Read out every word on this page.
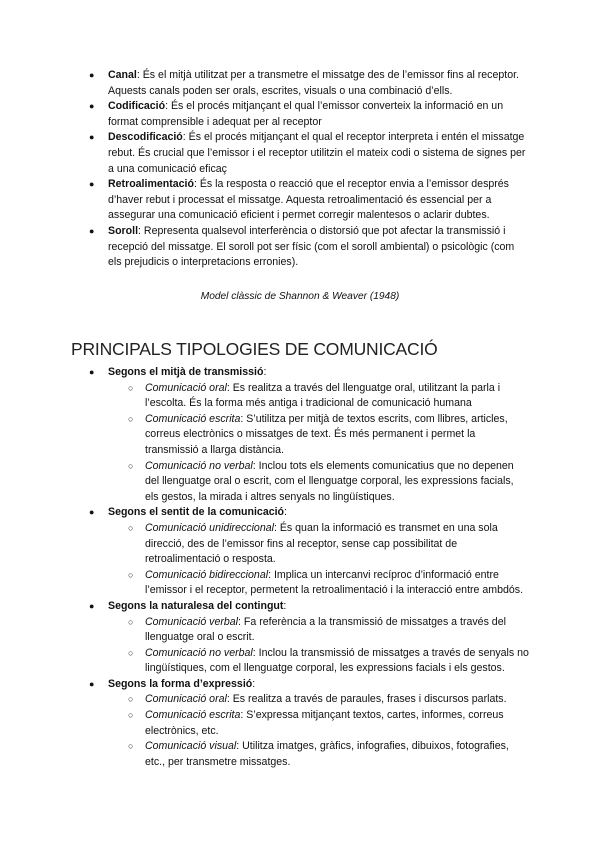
● Canal: És el mitjà utilitzat per a transmetre el missatge des de l’emissor fins al receptor. Aquests canals poden ser orals, escrites, visuals o una combinació d’ells.
● Codificació: És el procés mitjançant el qual l’emissor converteix la informació en un format comprensible i adequat per al receptor
● Descodificació: És el procés mitjançant el qual el receptor interpreta i entén el missatge rebut. És crucial que l’emissor i el receptor utilitzin el mateix codi o sistema de signes per a una comunicació eficaç
● Retroalimentació: És la resposta o reacció que el receptor envia a l’emissor després d’haver rebut i processat el missatge. Aquesta retroalimentació és essencial per a assegurar una comunicació eficient i permet corregir malentesos o aclarir dubtes.
● Soroll: Representa qualsevol interferència o distorsió que pot afectar la transmissió i recepció del missatge. El soroll pot ser físic (com el soroll ambiental) o psicològic (com els prejudicis o interpretacions erronies).
Model clàssic de Shannon & Weaver (1948)
PRINCIPALS TIPOLOGIES DE COMUNICACIÓ
● Segons el mitjà de transmissió:
○ Comunicació oral: Es realitza a través del llenguatge oral, utilitzant la parla i l’escolta. És la forma més antiga i tradicional de comunicació humana
○ Comunicació escrita: S’utilitza per mitjà de textos escrits, com llibres, articles, correus electrònics o missatges de text. És més permanent i permet la transmissió a llarga distància.
○ Comunicació no verbal: Inclou tots els elements comunicatius que no depenen del llenguatge oral o escrit, com el llenguatge corporal, les expressions facials, els gestos, la mirada i altres senyals no lingüístiques.
● Segons el sentit de la comunicació:
○ Comunicació unidireccional: És quan la informació es transmet en una sola direcció, des de l’emissor fins al receptor, sense cap possibilitat de retroalimentació o resposta.
○ Comunicació bidireccional: Implica un intercanvi recíproc d’informació entre l’emissor i el receptor, permetent la retroalimentació i la interacció entre ambdós.
● Segons la naturalesa del contingut:
○ Comunicació verbal: Fa referència a la transmissió de missatges a través del llenguatge oral o escrit.
○ Comunicació no verbal: Inclou la transmissió de missatges a través de senyals no lingüístiques, com el llenguatge corporal, les expressions facials i els gestos.
● Segons la forma d’expressió:
○ Comunicació oral: Es realitza a través de paraules, frases i discursos parlats.
○ Comunicació escrita: S’expressa mitjançant textos, cartes, informes, correus electrònics, etc.
○ Comunicació visual: Utilitza imatges, gràfics, infografies, dibuixos, fotografies, etc., per transmetre missatges.
